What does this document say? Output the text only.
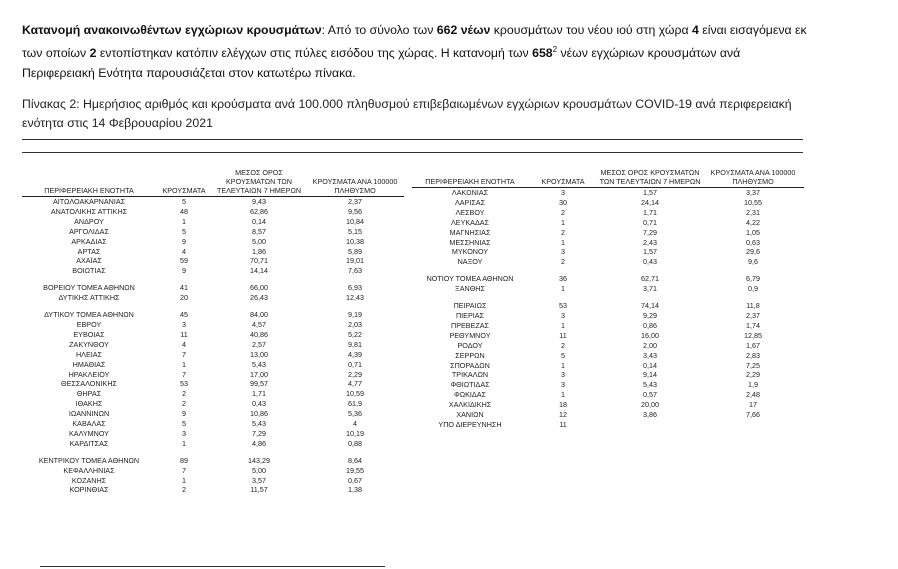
Κατανομή ανακοινωθέντων εγχώριων κρουσμάτων: Από το σύνολο των 662 νέων κρουσμάτων του νέου ιού στη χώρα 4 είναι εισαγόμενα εκ των οποίων 2 εντοπίστηκαν κατόπιν ελέγχων στις πύλες εισόδου της χώρας. Η κατανομή των $658^2$ νέων εγχώριων κρουσμάτων ανά Περιφερειακή Ενότητα παρουσιάζεται στον κατωτέρω πίνακα.
Πίνακας 2: Ημερήσιος αριθμός και κρούσματα ανά 100.000 πληθυσμού επιβεβαιωμένων εγχώριων κρουσμάτων COVID-19 ανά περιφερειακή ενότητα στις 14 Φεβρουαρίου 2021
ΠΕΡΙΦΕΡΕΙΑΚΗ ΕΝΟΤΗΤΑ	ΚΡΟΥΣΜΑΤΑ	ΜΕΣΟΣ ΟΡΟΣ ΚΡΟΥΣΜΑΤΩΝ ΤΩΝ ΤΕΛΕΥΤΑΙΩΝ 7 ΗΜΕΡΩΝ	ΚΡΟΥΣΜΑΤΑ ΑΝΑ 100000 ΠΛΗΘΥΣΜΟ
ΑΙΤΩΛΟΑΚΑΡΝΑΝΙΑΣ	5	9,43	2,37
ΑΝΑΤΟΛΙΚΗΣ ΑΤΤΙΚΗΣ	48	62,86	9,56
ΑΝΔΡΟΥ	1	0,14	10,84
ΑΡΓΟΛΙΔΑΣ	5	8,57	5,15
ΑΡΚΑΔΙΑΣ	9	5,00	10,38
ΑΡΤΑΣ	4	1,86	5,89
ΑΧΑΪΑΣ	59	70,71	19,01
ΒΟΙΩΤΙΑΣ	9	14,14	7,63

ΒΟΡΕΙΟΥ ΤΟΜΕΑ ΑΘΗΝΩΝ	41	66,00	6,93
ΔΥΤΙΚΗΣ ΑΤΤΙΚΗΣ	20	26,43	12,43

ΔΥΤΙΚΟΥ ΤΟΜΕΑ ΑΘΗΝΩΝ	45	84,00	9,19
ΕΒΡΟΥ	3	4,57	2,03
ΕΥΒΟΙΑΣ	11	40,86	5,22
ΖΑΚΥΝΘΟΥ	4	2,57	9,81
ΗΛΕΙΑΣ	7	13,00	4,39
ΗΜΑΘΙΑΣ	1	5,43	0,71
ΗΡΑΚΛΕΙΟΥ	7	17,00	2,29
ΘΕΣΣΑΛΟΝΙΚΗΣ	53	99,57	4,77
ΘΗΡΑΣ	2	1,71	10,59
ΙΘΑΚΗΣ	2	0,43	61,9
ΙΩΑΝΝΙΝΩΝ	9	10,86	5,36
ΚΑΒΑΛΑΣ	5	5,43	4
ΚΑΛΥΜΝΟΥ	3	7,29	10,19
ΚΑΡΔΙΤΣΑΣ	1	4,86	0,88

ΚΕΝΤΡΙΚΟΥ ΤΟΜΕΑ ΑΘΗΝΩΝ	89	143,29	8,64
ΚΕΦΑΛΛΗΝΙΑΣ	7	5,00	19,55
ΚΟΖΑΝΗΣ	1	3,57	0,67
ΚΟΡΙΝΘΙΑΣ	2	11,57	1,38
ΠΕΡΙΦΕΡΕΙΑΚΗ ΕΝΟΤΗΤΑ	ΚΡΟΥΣΜΑΤΑ	ΜΕΣΟΣ ΟΡΟΣ ΚΡΟΥΣΜΑΤΩΝ ΤΩΝ ΤΕΛΕΥΤΑΙΩΝ 7 ΗΜΕΡΩΝ	ΚΡΟΥΣΜΑΤΑ ΑΝΑ 100000 ΠΛΗΘΥΣΜΟ
ΛΑΚΩΝΙΑΣ	3	1,57	3,37
ΛΑΡΙΣΑΣ	30	24,14	10,55
ΛΕΣΒΟΥ	2	1,71	2,31
ΛΕΥΚΑΔΑΣ	1	0,71	4,22
ΜΑΓΝΗΣΙΑΣ	2	7,29	1,05
ΜΕΣΣΗΝΙΑΣ	1	2,43	0,63
ΜΥΚΟΝΟΥ	3	1,57	29,6
ΝΑΞΟΥ	2	0,43	9,6

ΝΟΤΙΟΥ ΤΟΜΕΑ ΑΘΗΝΩΝ	36	62,71	6,79
ΞΑΝΘΗΣ	1	3,71	0,9

ΠΕΙΡΑΙΩΣ	53	74,14	11,8
ΠΙΕΡΙΑΣ	3	9,29	2,37
ΠΡΕΒΕΖΑΣ	1	0,86	1,74
ΡΕΘΥΜΝΟΥ	11	16,00	12,85
ΡΟΔΟΥ	2	2,00	1,67
ΣΕΡΡΩΝ	5	3,43	2,83
ΣΠΟΡΑΔΩΝ	1	0,14	7,25
ΤΡΙΚΑΛΩΝ	3	9,14	2,29
ΦΘΙΩΤΙΔΑΣ	3	5,43	1,9
ΦΩΚΙΔΑΣ	1	0,57	2,48
ΧΑΛΚΙΔΙΚΗΣ	18	20,00	17
ΧΑΝΙΩΝ	12	3,86	7,66
ΥΠΟ ΔΙΕΡΕΥΝΗΣΗ	11		
